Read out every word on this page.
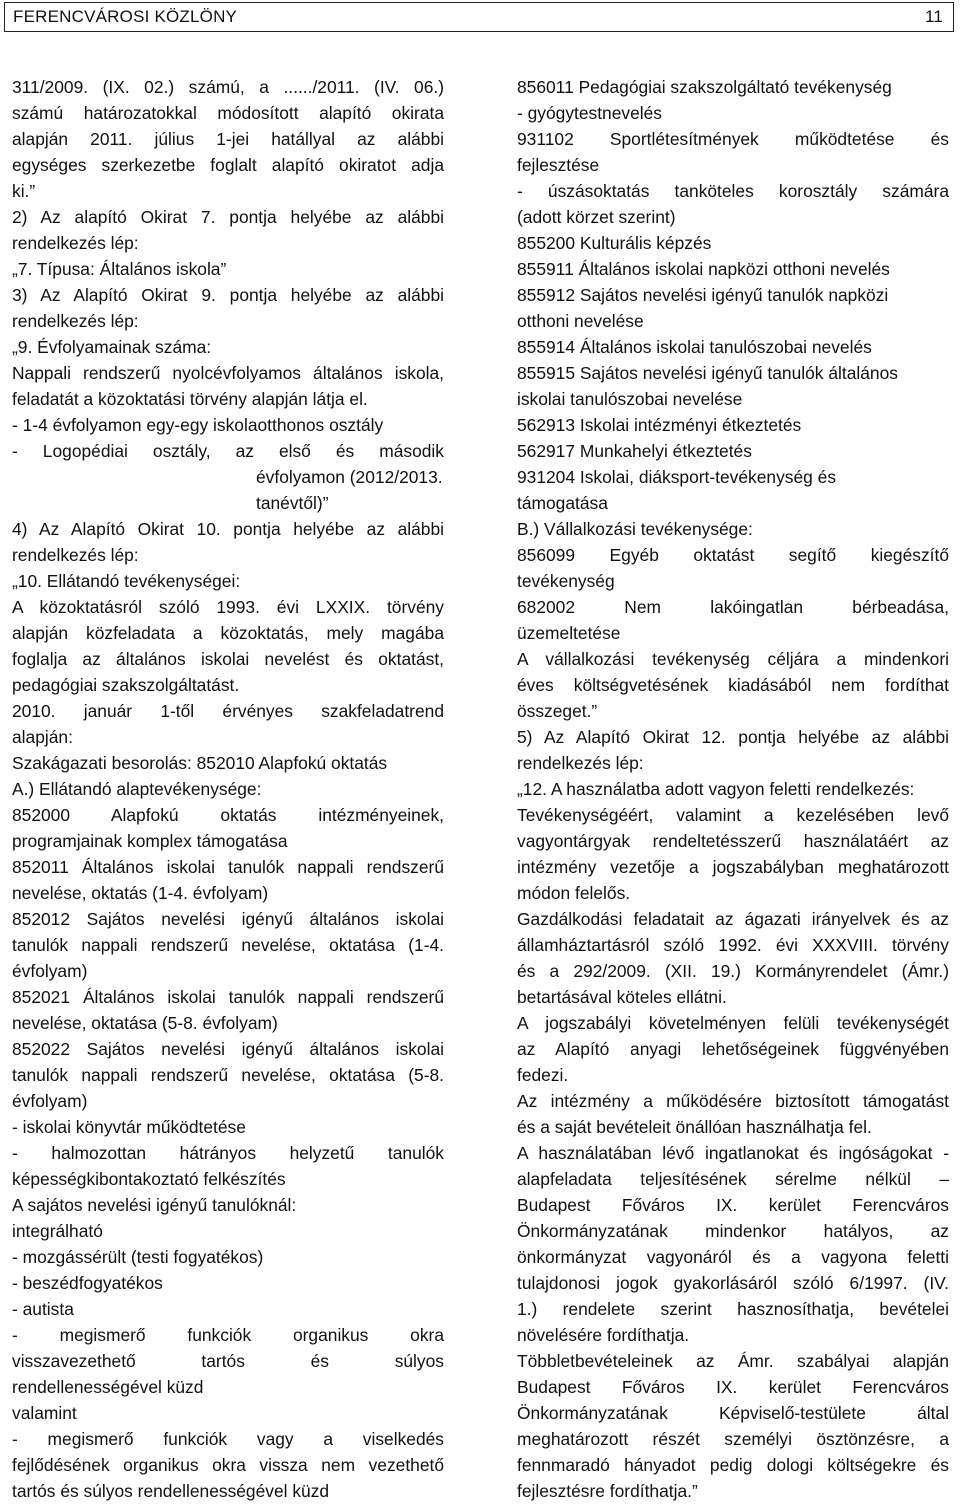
FERENCVÁROSI KÖZLÖNY	11
311/2009. (IX. 02.) számú, a ....../2011. (IV. 06.)
számú határozatokkal módosított alapító okirata
alapján 2011. július 1-jei hatállyal az alábbi
egységes szerkezetbe foglalt alapító okiratot adja
ki.”
2) Az alapító Okirat 7. pontja helyébe az alábbi
rendelkezés lép:
„7. Típusa: Általános iskola”
3) Az Alapító Okirat 9. pontja helyébe az alábbi
rendelkezés lép:
„9. Évfolyamainak száma:
Nappali rendszerű nyolcévfolyamos általános iskola,
feladatát a közoktatási törvény alapján látja el.
- 1-4 évfolyamon egy-egy iskolaotthonos osztály
- Logopédiai osztály, az első és második
évfolyamon (2012/2013.
tanévtől)”
4) Az Alapító Okirat 10. pontja helyébe az alábbi
rendelkezés lép:
„10. Ellátandó tevékenységei:
A közoktatásról szóló 1993. évi LXXIX. törvény
alapján közfeladata a közoktatás, mely magába
foglalja az általános iskolai nevelést és oktatást,
pedagógiai szakszolgáltatást.
2010. január 1-től érvényes szakfeladatrend
alapján:
Szakágazati besorolás: 852010 Alapfokú oktatás
A.) Ellátandó alaptevékenysége:
852000 Alapfokú oktatás intézményeinek,
programjainak komplex támogatása
852011 Általános iskolai tanulók nappali rendszerű
nevelése, oktatás (1-4. évfolyam)
852012 Sajátos nevelési igényű általános iskolai
tanulók nappali rendszerű nevelése, oktatása (1-4.
évfolyam)
852021 Általános iskolai tanulók nappali rendszerű
nevelése, oktatása (5-8. évfolyam)
852022 Sajátos nevelési igényű általános iskolai
tanulók nappali rendszerű nevelése, oktatása (5-8.
évfolyam)
- iskolai könyvtár működtetése
- halmozottan hátrányos helyzetű tanulók
képességkibontakoztató felkészítés
A sajátos nevelési igényű tanulóknál:
integrálható
- mozgássérült (testi fogyatékos)
- beszédfogyatékos
- autista
- megismerő funkciók organikus okra
visszavezethető tartós és súlyos
rendellenességével küzd
valamint
- megismerő funkciók vagy a viselkedés
fejlődésének organikus okra vissza nem vezethető
tartós és súlyos rendellenességével küzd
856011 Pedagógiai szakszolgáltató tevékenység
- gyógytestnevelés
931102 Sportlétesítmények működtetése és
fejlesztése
- úszásoktatás tanköteles korosztály számára
(adott körzet szerint)
855200 Kulturális képzés
855911 Általános iskolai napközi otthoni nevelés
855912 Sajátos nevelési igényű tanulók napközi
otthoni nevelése
855914 Általános iskolai tanulószobai nevelés
855915 Sajátos nevelési igényű tanulók általános
iskolai tanulószobai nevelése
562913 Iskolai intézményi étkeztetés
562917 Munkahelyi étkeztetés
931204 Iskolai, diáksport-tevékenység és
támogatása
B.) Vállalkozási tevékenysége:
856099 Egyéb oktatást segítő kiegészítő
tevékenység
682002 Nem lakóingatlan bérbeadása,
üzemeltetése
A vállalkozási tevékenység céljára a mindenkori
éves költségvetésének kiadásából nem fordíthat
összeget.”
5) Az Alapító Okirat 12. pontja helyébe az alábbi
rendelkezés lép:
„12. A használatba adott vagyon feletti rendelkezés:
Tevékenységéért, valamint a kezelésében levő
vagyontárgyak rendeltetésszerű használatáért az
intézmény vezetője a jogszabályban meghatározott
módon felelős.
Gazdálkodási feladatait az ágazati irányelvek és az
államháztartásról szóló 1992. évi XXXVIII. törvény
és a 292/2009. (XII. 19.) Kormányrendelet (Ámr.)
betartásával köteles ellátni.
A jogszabályi követelményen felüli tevékenységét
az Alapító anyagi lehetőségeinek függvényében
fedezi.
Az intézmény a működésére biztosított támogatást
és a saját bevételeit önállóan használhatja fel.
A használatában lévő ingatlanokat és ingóságokat -
alapfeladata teljesítésének sérelme nélkül –
Budapest Főváros IX. kerület Ferencváros
Önkormányzatának mindenkor hatályos, az
önkormányzat vagyonáról és a vagyona feletti
tulajdonosi jogok gyakorlásáról szóló 6/1997. (IV.
1.) rendelete szerint hasznosíthatja, bevételei
növelésére fordíthatja.
Többletbevételeinek az Ámr. szabályai alapján
Budapest Főváros IX. kerület Ferencváros
Önkormányzatának Képviselő-testülete által
meghatározott részét személyi ösztönzésre, a
fennmaradó hányadot pedig dologi költségekre és
fejlesztésre fordíthatja.”
